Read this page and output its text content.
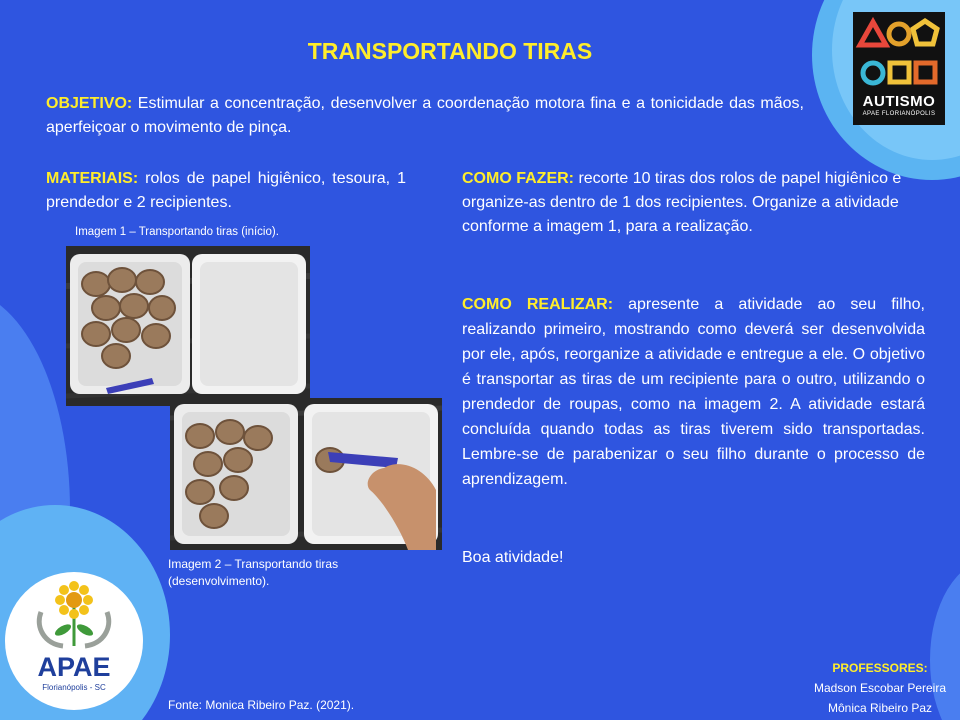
AUTISMO
APAE FLORIANÓPOLIS
TRANSPORTANDO TIRAS
OBJETIVO: Estimular a concentração, desenvolver a coordenação motora fina e a tonicidade das mãos, aperfeiçoar o movimento de pinça.
MATERIAIS: rolos de papel higiênico, tesoura, 1 prendedor e 2 recipientes.
Imagem 1 – Transportando tiras (início).
Imagem 2 – Transportando tiras (desenvolvimento).
Fonte: Monica Ribeiro Paz. (2021).
COMO FAZER: recorte 10 tiras dos rolos de papel higiênico e organize-as dentro de 1 dos recipientes. Organize a atividade conforme a imagem 1, para a realização.
COMO REALIZAR: apresente a atividade ao seu filho, realizando primeiro, mostrando como deverá ser desenvolvida por ele, após, reorganize a atividade e entregue a ele. O objetivo é transportar as tiras de um recipiente para o outro, utilizando o prendedor de roupas, como na imagem 2. A atividade estará concluída quando todas as tiras tiverem sido transportadas. Lembre-se de parabenizar o seu filho durante o processo de aprendizagem.
Boa atividade!
APAE
Florianópolis - SC
PROFESSORES:
Madson Escobar Pereira
Mônica Ribeiro Paz
